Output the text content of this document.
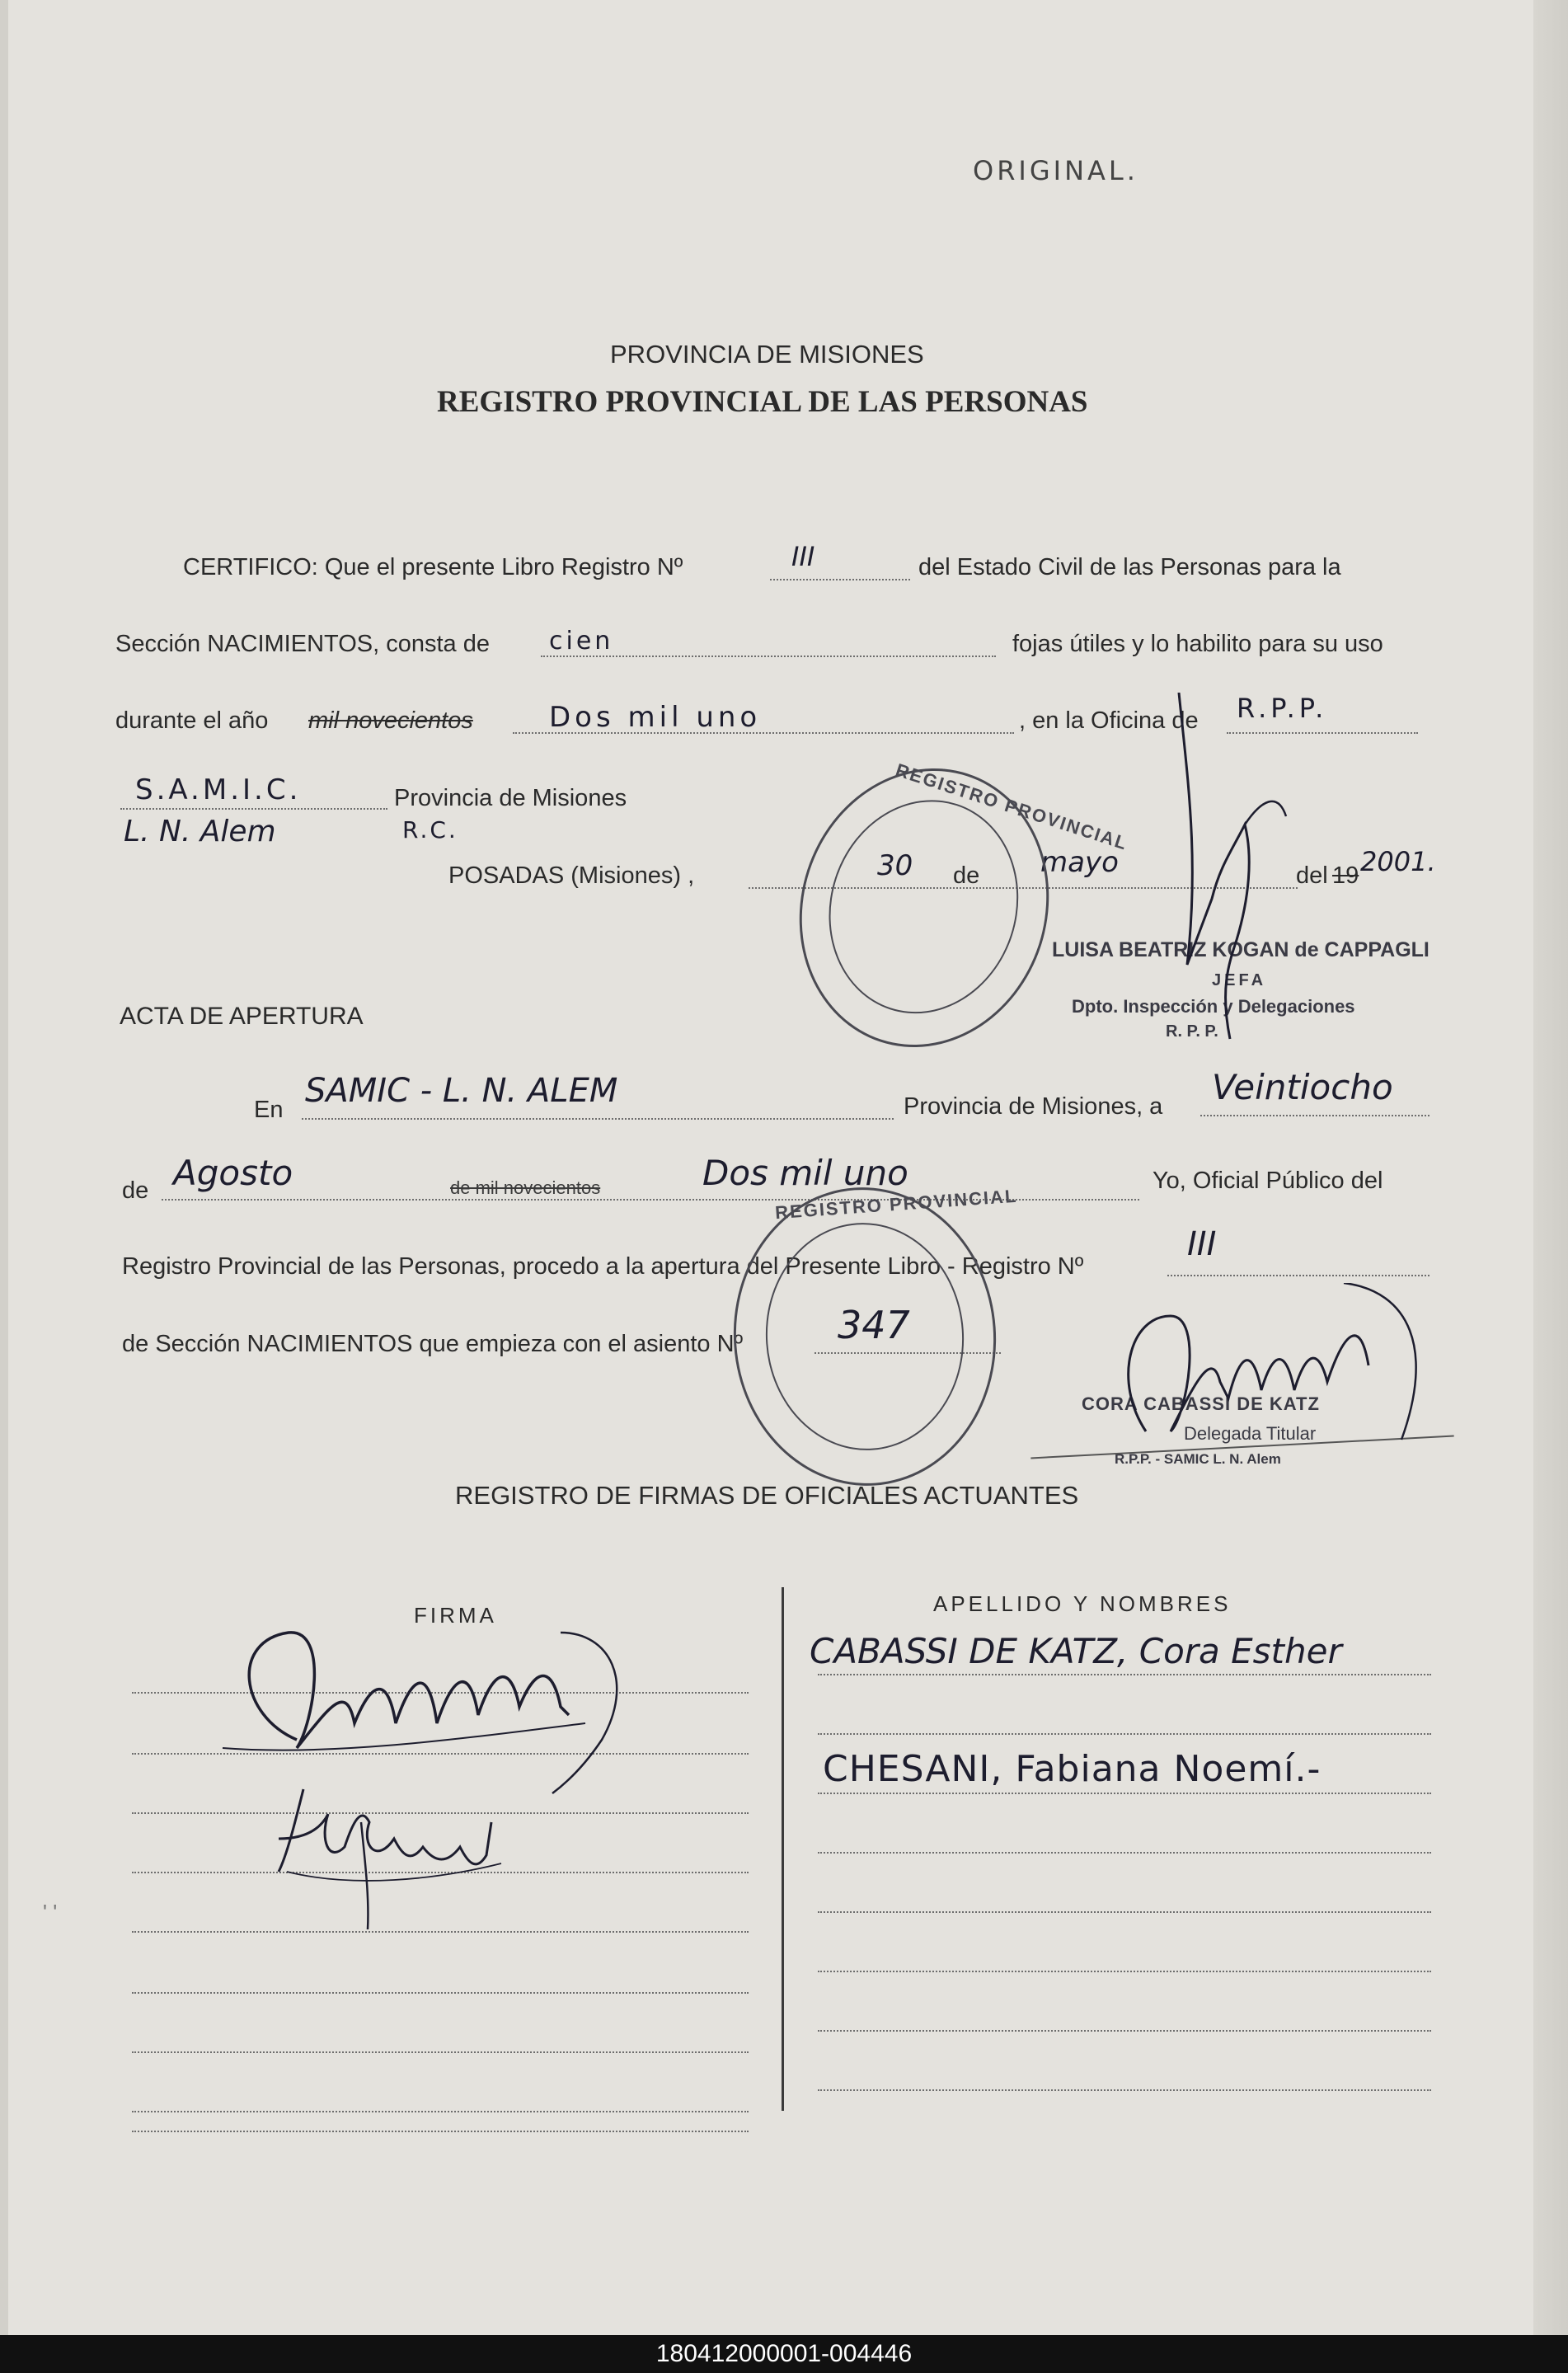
ORIGINAL.
PROVINCIA DE MISIONES
REGISTRO PROVINCIAL DE LAS PERSONAS
CERTIFICO: Que el presente Libro Registro Nº	III	del Estado Civil de las Personas para la
Sección NACIMIENTOS, consta de cien	fojas útiles y lo habilito para su uso
durante el año mil novecientos	Dos mil uno	, en la Oficina de R.P.P.
S.A.M.I.C.	Provincia de Misiones
L. N. Alem	R.C.
POSADAS (Misiones) ,	30 de mayo	del 19 2001.
REGISTRO PROVINCIAL
LUISA BEATRIZ KOGAN de CAPPAGLI
JEFA
Dpto. Inspección y Delegaciones
R. P. P.
ACTA DE APERTURA
En SAMIC - L. N. ALEM	Provincia de Misiones, a Veintiocho
de Agosto	de mil novecientos	Dos mil uno	Yo, Oficial Público del
Registro Provincial de las Personas, procedo a la apertura del Presente Libro - Registro Nº
III
de Sección NACIMIENTOS que empieza con el asiento Nº 347
REGISTRO PROVINCIAL
CORA CABASSI DE KATZ
Delegada Titular
R.P.P. - SAMIC L. N. Alem
REGISTRO DE FIRMAS DE OFICIALES ACTUANTES
FIRMA	APELLIDO Y NOMBRES
CABASSI DE KATZ, Cora Esther
CHESANI, Fabiana Noemí.-
' '
180412000001-004446
